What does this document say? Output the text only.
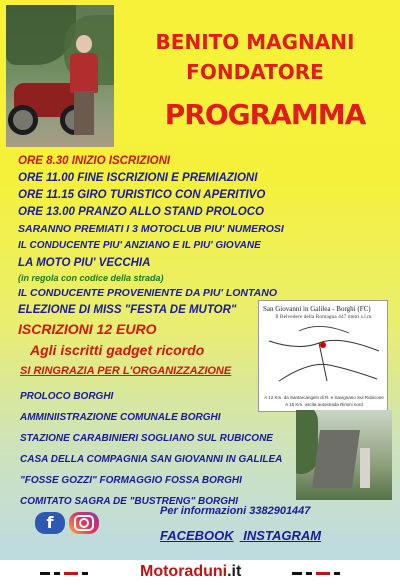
BENITO MAGNANI
FONDATORE
PROGRAMMA
ORE 8.30 INIZIO ISCRIZIONI
ORE 11.00 FINE ISCRIZIONI E PREMIAZIONI
ORE 11.15 GIRO TURISTICO CON APERITIVO
ORE 13.00 PRANZO ALLO STAND PROLOCO
SARANNO PREMIATI I 3 MOTOCLUB PIU' NUMEROSI
IL CONDUCENTE PIU' ANZIANO E IL PIU' GIOVANE
LA MOTO PIU' VECCHIA
(in regola con codice della strada)
IL CONDUCENTE PROVENIENTE DA PIU' LONTANO
ELEZIONE DI MISS "FESTA DE MUTOR"
ISCRIZIONI 12 EURO
Agli iscritti gadget ricordo
San Giovanni in Galilea - Borghi (FC)
Il Belvedere della Romagna 447 metri s.l.m.
A 12 Km. da Santarcangelo di R. e Savignano Sul Rubicone
A 15 Km. uscita autostrada Rimini nord
SI RINGRAZIA PER L'ORGANIZZAZIONE
PROLOCO BORGHI
AMMINIISTRAZIONE COMUNALE BORGHI
STAZIONE CARABINIERI SOGLIANO SUL RUBICONE
CASA DELLA COMPAGNIA SAN GIOVANNI IN GALILEA
"FOSSE GOZZI" FORMAGGIO FOSSA BORGHI
COMITATO SAGRA DE "BUSTRENG" BORGHI
Per informazioni 3382901447
f
FACEBOOK INSTAGRAM
Motoraduni.it
